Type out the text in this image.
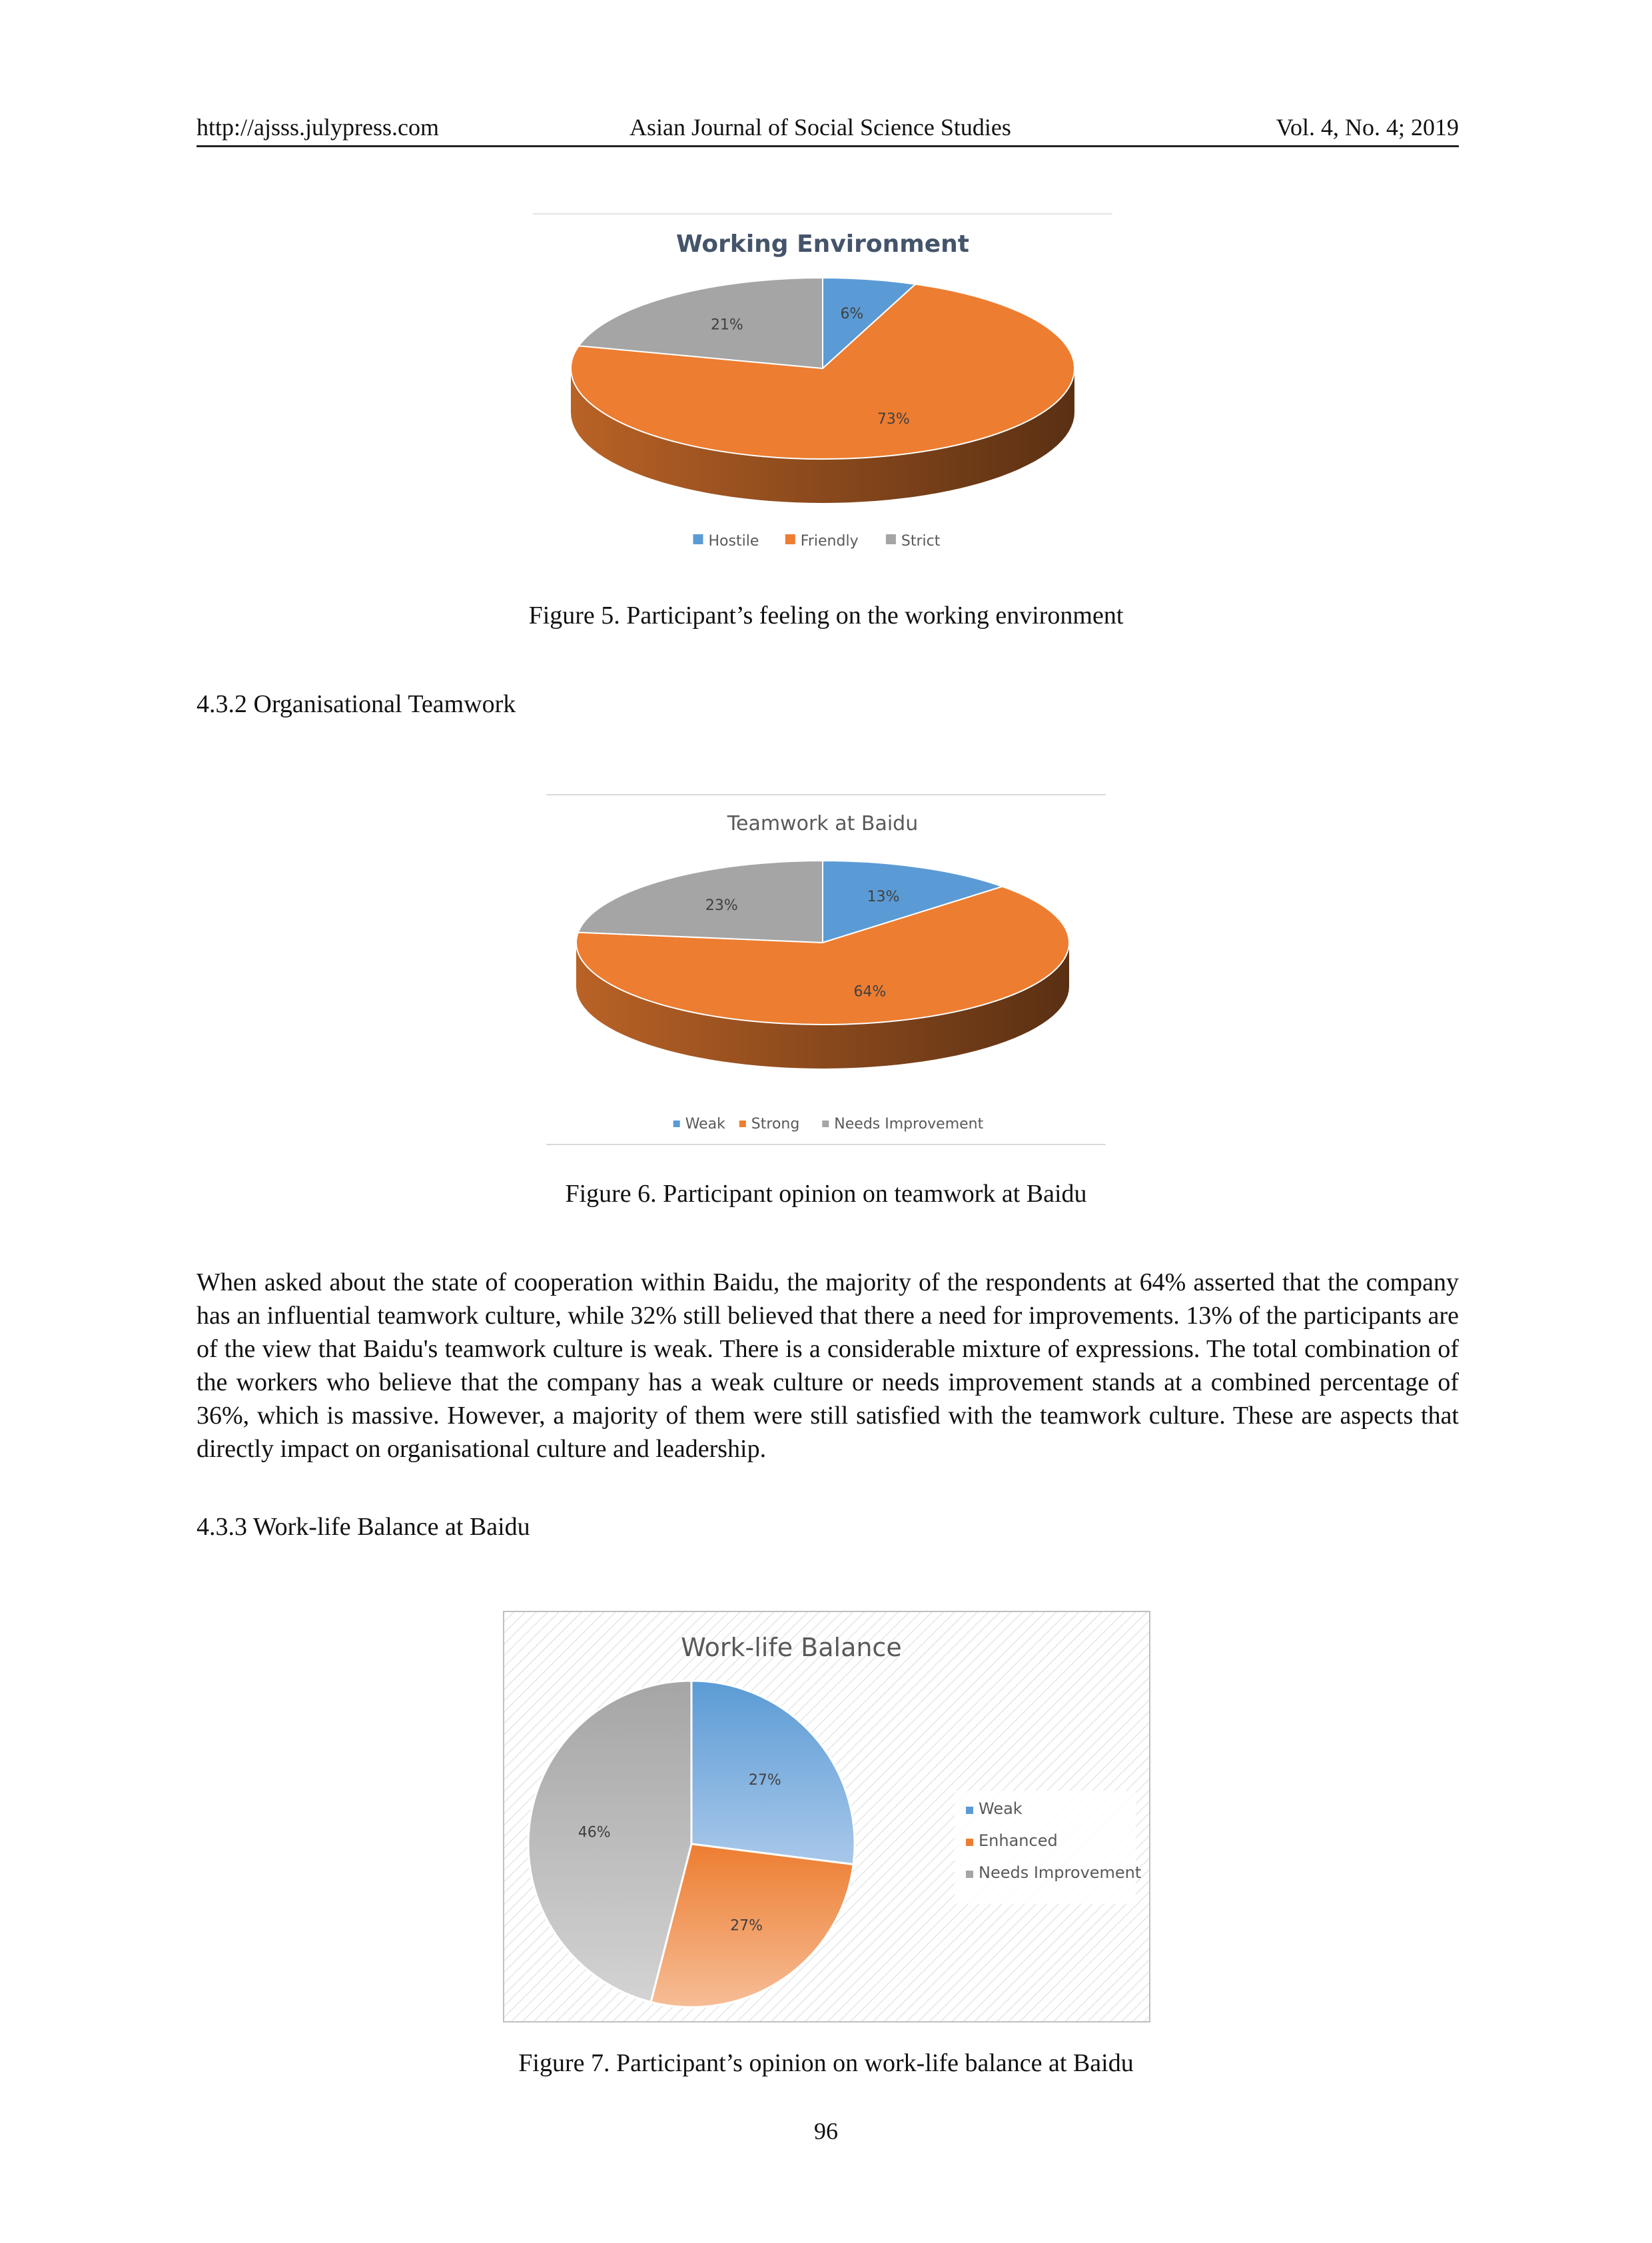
http://ajsss.julypress.com	Asian Journal of Social Science Studies	Vol. 4, No. 4; 2019
Working Environment
6%
73%
21%
Hostile	Friendly	Strict
Figure 5. Participant’s feeling on the working environment
4.3.2 Organisational Teamwork
Teamwork at Baidu
13%
64%
23%
Weak Strong Needs Improvement
Figure 6. Participant opinion on teamwork at Baidu

When asked about the state of cooperation within Baidu, the majority of the respondents at 64% asserted that the company has an influential teamwork culture, while 32% still believed that there a need for improvements. 13% of the participants are of the view that Baidu's teamwork culture is weak. There is a considerable mixture of expressions. The total combination of the workers who believe that the company has a weak culture or needs improvement stands at a combined percentage of 36%, which is massive. However, a majority of them were still satisfied with the teamwork culture. These are aspects that directly impact on organisational culture and leadership.

4.3.3 Work-life Balance at Baidu
Work-life Balance
27%
27%
46%
Weak
Enhanced
Needs Improvement
Figure 7. Participant’s opinion on work-life balance at Baidu
96
